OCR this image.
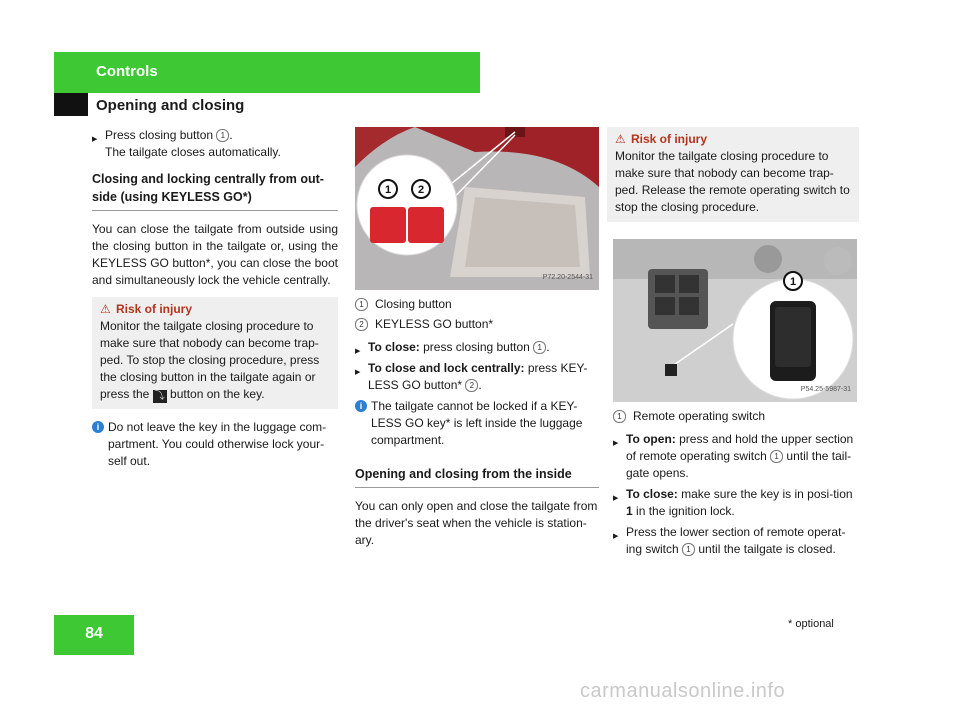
Controls
Opening and closing

▶ Press closing button 1 .

The tailgate closes automatically.

Closing and locking centrally from out-
side (using KEYLESS GO*)

You can close the tailgate from outside using the closing button in the tailgate or, using the KEYLESS GO button*, you can close the boot and simultaneously lock the vehicle centrally.

⚠ Risk of injury

Monitor the tailgate closing procedure to make sure that nobody can become trap-ped. To stop the closing procedure, press the closing button in the tailgate again or press the ⤵ button on the key.

i Do not leave the key in the luggage com-partment. You could otherwise lock your-self out.

1 2
P72.20-2544-31

1 Closing button

2 KEYLESS GO button*

▶ To close: press closing button 1 .

▶ To close and lock centrally: press KEY-LESS GO button* 2 .

i The tailgate cannot be locked if a KEY-LESS GO key* is left inside the luggage compartment.

Opening and closing from the inside

You can only open and close the tailgate from the driver's seat when the vehicle is station-ary.

⚠ Risk of injury

Monitor the tailgate closing procedure to make sure that nobody can become trap-ped. Release the remote operating switch to stop the closing procedure.

1
P54.25-5987-31

1 Remote operating switch

▶ To open: press and hold the upper section of remote operating switch 1 until the tail-gate opens.

▶ To close: make sure the key is in posi-tion 1 in the ignition lock.

▶ Press the lower section of remote operat-ing switch 1 until the tailgate is closed.

84
* optional
carmanualsonline.info
